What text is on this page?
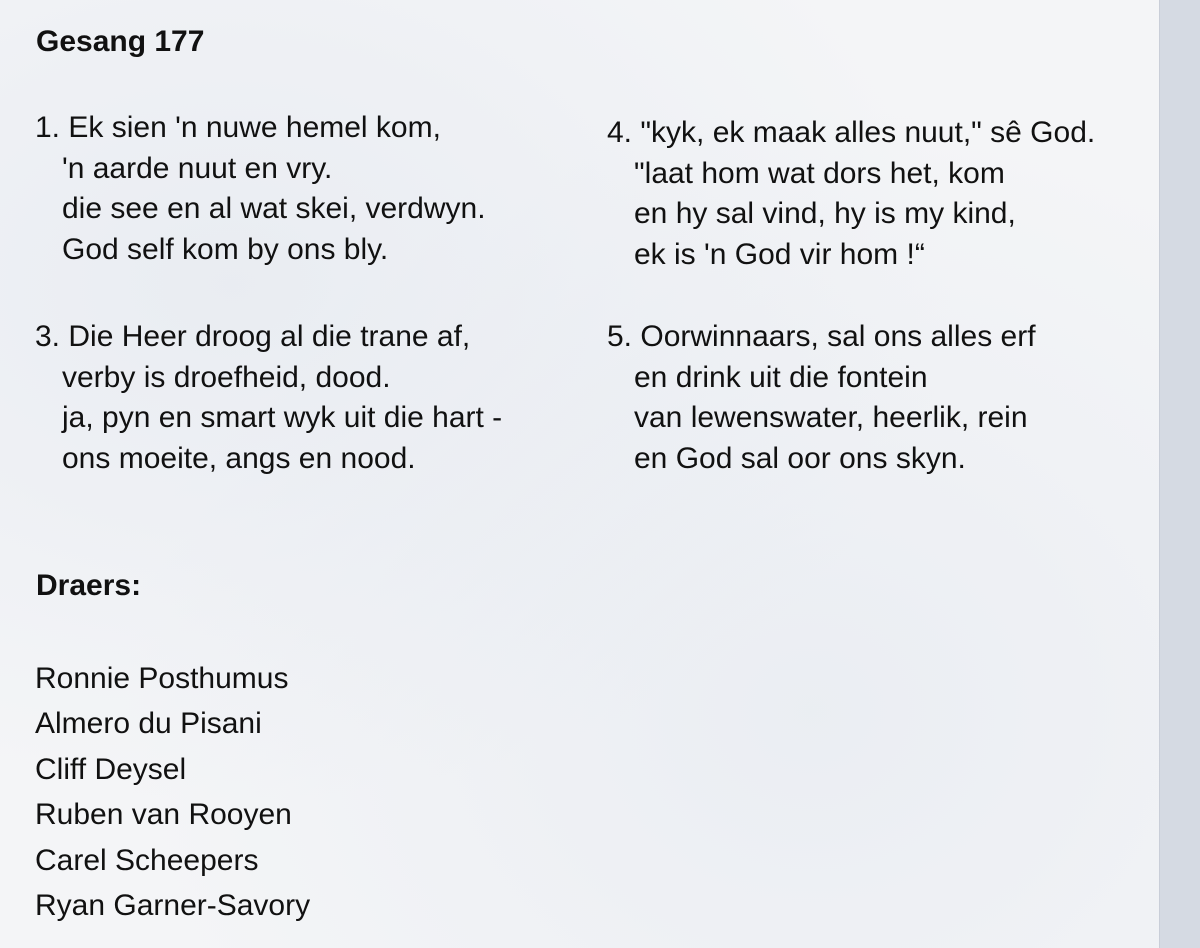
Gesang 177
1. Ek sien 'n nuwe hemel kom,
'n aarde nuut en vry.
die see en al wat skei, verdwyn.
God self kom by ons bly.
3. Die Heer droog al die trane af,
verby is droefheid, dood.
ja, pyn en smart wyk uit die hart -
ons moeite, angs en nood.
4. "kyk, ek maak alles nuut," sê God.
"laat hom wat dors het, kom
en hy sal vind, hy is my kind,
ek is 'n God vir hom !“
5. Oorwinnaars, sal ons alles erf
en drink uit die fontein
van lewenswater, heerlik, rein
en God sal oor ons skyn.
Draers:
Ronnie Posthumus
Almero du Pisani
Cliff Deysel
Ruben van Rooyen
Carel Scheepers
Ryan Garner-Savory
